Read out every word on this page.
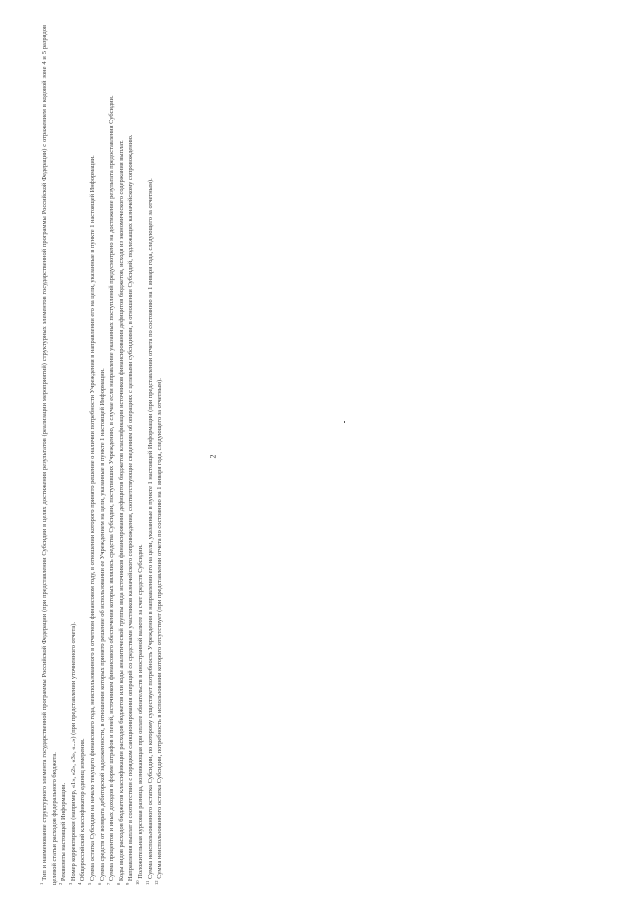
2

$^1$ Тип и наименование структурного элемента государственной программы Российской Федерации (при представлении Субсидии в целях достижения результатов (реализации мероприятий) структурных элементов государственной программы Российской Федерации) с отражением в кодовой зоне 4 и 5 разрядов целевой статьи расходов федерального бюджета. $^2$ Реквизиты настоящей Информации.

$^3$ Номер корректировки (например, «1», «2», «3», «...») (при представлении уточненного отчета).

$^4$ Общероссийский классификатор единиц измерения.

$^5$ Сумма остатка Субсидии на начало текущего финансового года, неиспользованного в отчетном финансовом году, в отношении которого принято решение о наличии потребности Учреждения в направлении его на цели, указанные в пункте 1 настоящей Информации.

$^6$ Сумма средств от возврата дебиторской задолженности, в отношении которых принято решение об использовании ее Учреждением на цели, указанные в пункте 1 настоящей Информации.

$^7$ Сумма процентов и иных доходов в форме штрафов и пеней, источником финансового обеспечения которых являлись средства Субсидии, поступивших Учреждению, в случае если направление указанных поступлений предусмотрено на достижение результата предоставления Субсидии.

$^8$ Коды видов расходов бюджетов классификации расходов бюджетов или коды аналитической группы вида источников финансирования дефицитов бюджетов классификации источников финансирования дефицитов бюджетов, исходя из экономического содержания выплат.

$^9$ Направления выплат в соответствии с порядком санкционирования операций со средствами участников казначейского сопровождения, соответствующие сведениям об операциях с целевыми субсидиями, в отношении Субсидий, подлежащих казначейскому сопровождению.

$^{10}$ Положительная курсовая разница, возникающая при оплате обязательств в иностранной валюте за счет средств Субсидии.

$^{11}$ Сумма неиспользованного остатка Субсидии, по которому существует потребность Учреждения в направлении его на цели, указанные в пункте 1 настоящей Информации (при представлении отчета по состоянию на 1 января года, следующего за отчетным).

$^{12}$ Сумма неиспользованного остатка Субсидии, потребность в использовании которого отсутствует (при представлении отчета по состоянию на 1 января года, следующего за отчетным).
